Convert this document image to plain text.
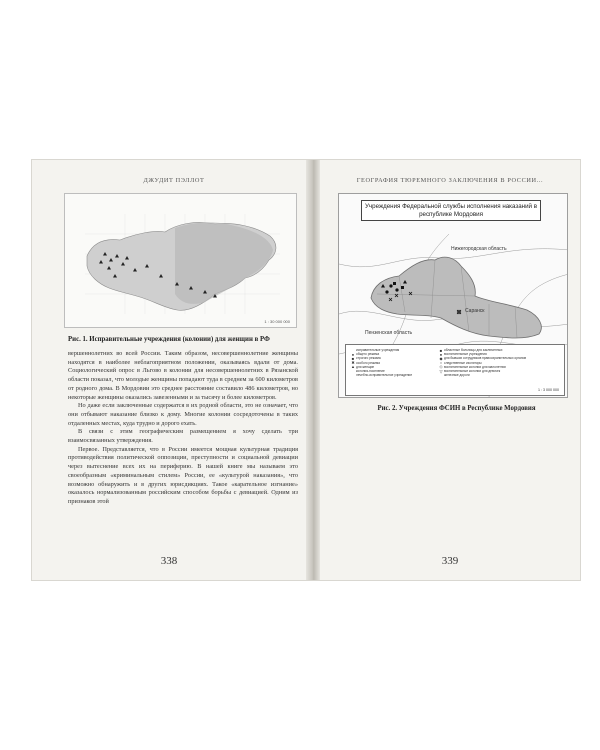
ДЖУДИТ ПЭЛЛОТ
1 : 30 000 000
Рис. 1. Исправительные учреждения (колонии) для женщин в РФ

вершеннолетних во всей России. Таким образом, несовершеннолетние женщины находятся в наиболее неблагоприятном положении, оказываясь вдали от дома. Социологический опрос в Льгово в колонии для несовершеннолетних в Рязанской области показал, что молодые женщины попадают туда в среднем за 600 километров от родного дома. В Мордовии это среднее расстояние составило 486 километров, но некоторые женщины оказались завезенными и за тысячу и более километров.

Но даже если заключенные содержатся в их родной области, это не означает, что они отбывают наказание близко к дому. Многие колонии сосредоточены в таких отдаленных местах, куда трудно и дорого ехать.

В связи с этим географическим размещением я хочу сделать три взаимосвязанных утверждения.

Первое. Представляется, что в России имеется мощная культурная традиция противодействия политической оппозиции, преступности и социальной девиации через вытеснение всех их на периферию. В нашей книге мы называем это своеобразным «криминальным стилем» России, ее «культурой наказания», что возможно обнаружить и в других юрисдикциях. Такое «карательное изгнание» оказалось нормализованным российским способом борьбы с девиацией. Одним из признаков этой

338
ГЕОГРАФИЯ ТЮРЕМНОГО ЗАКЛЮЧЕНИЯ В РОССИИ...
Учреждения Федеральной службы исполнения наказаний в республике Мордовия
Нижегородская область
Саранск
Пензенская область
исправительные учреждения
● общего режима
■ строгого режима
✖ особого режима
▲ для женщин
колония-поселение
лечебно-исправительное учреждение
■ областные больницы для заключенных
● воспитательные учреждения
◆ для бывших сотрудников правоохранительных органов
○ следственные изоляторы
◇ воспитательные колонии для малолетних
▽ воспитательные колонии для девочек
железные дороги
1 : 3 000 000
Рис. 2. Учреждения ФСИН в Республике Мордовия
339
